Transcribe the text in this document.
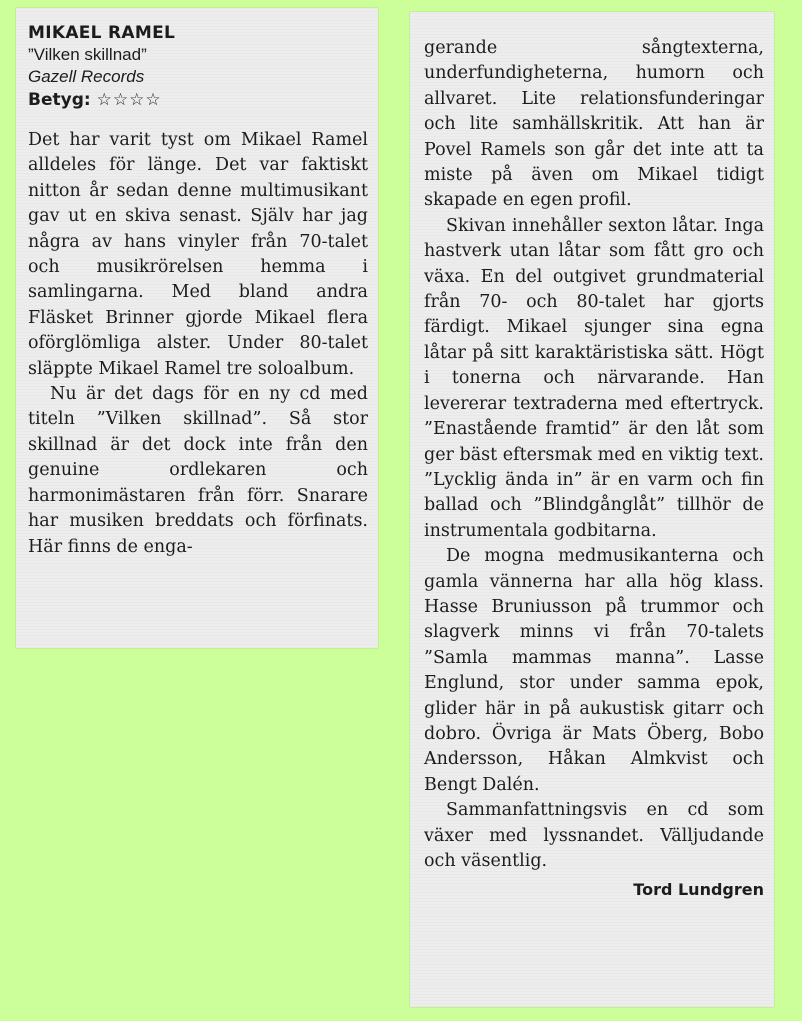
MIKAEL RAMEL
”Vilken skillnad”
Gazell Records
Betyg: ☆☆☆☆

Det har varit tyst om Mikael Ramel alldeles för länge. Det var faktiskt nitton år sedan denne multimusikant gav ut en skiva senast. Själv har jag några av hans vinyler från 70-talet och musikrörelsen hemma i samlingarna. Med bland andra Fläsket Brinner gjorde Mikael flera oförglömliga alster. Under 80-talet släppte Mikael Ramel tre soloalbum.

Nu är det dags för en ny cd med titeln ”Vilken skillnad”. Så stor skillnad är det dock inte från den genuine ordlekaren och harmonimästaren från förr. Snarare har musiken breddats och förfinats. Här finns de enga-

gerande sångtexterna, underfundigheterna, humorn och allvaret. Lite relationsfunderingar och lite samhällskritik. Att han är Povel Ramels son går det inte att ta miste på även om Mikael tidigt skapade en egen profil.

Skivan innehåller sexton låtar. Inga hastverk utan låtar som fått gro och växa. En del outgivet grundmaterial från 70- och 80-talet har gjorts färdigt. Mikael sjunger sina egna låtar på sitt karaktäristiska sätt. Högt i tonerna och närvarande. Han levererar textraderna med eftertryck. ”Enastående framtid” är den låt som ger bäst eftersmak med en viktig text. ”Lycklig ända in” är en varm och fin ballad och ”Blindgånglåt” tillhör de instrumentala godbitarna.

De mogna medmusikanterna och gamla vännerna har alla hög klass. Hasse Bruniusson på trummor och slagverk minns vi från 70-talets ”Samla mammas manna”. Lasse Englund, stor under samma epok, glider här in på aukustisk gitarr och dobro. Övriga är Mats Öberg, Bobo Andersson, Håkan Almkvist och Bengt Dalén.

Sammanfattningsvis en cd som växer med lyssnandet. Välljudande och väsentlig.

Tord Lundgren
